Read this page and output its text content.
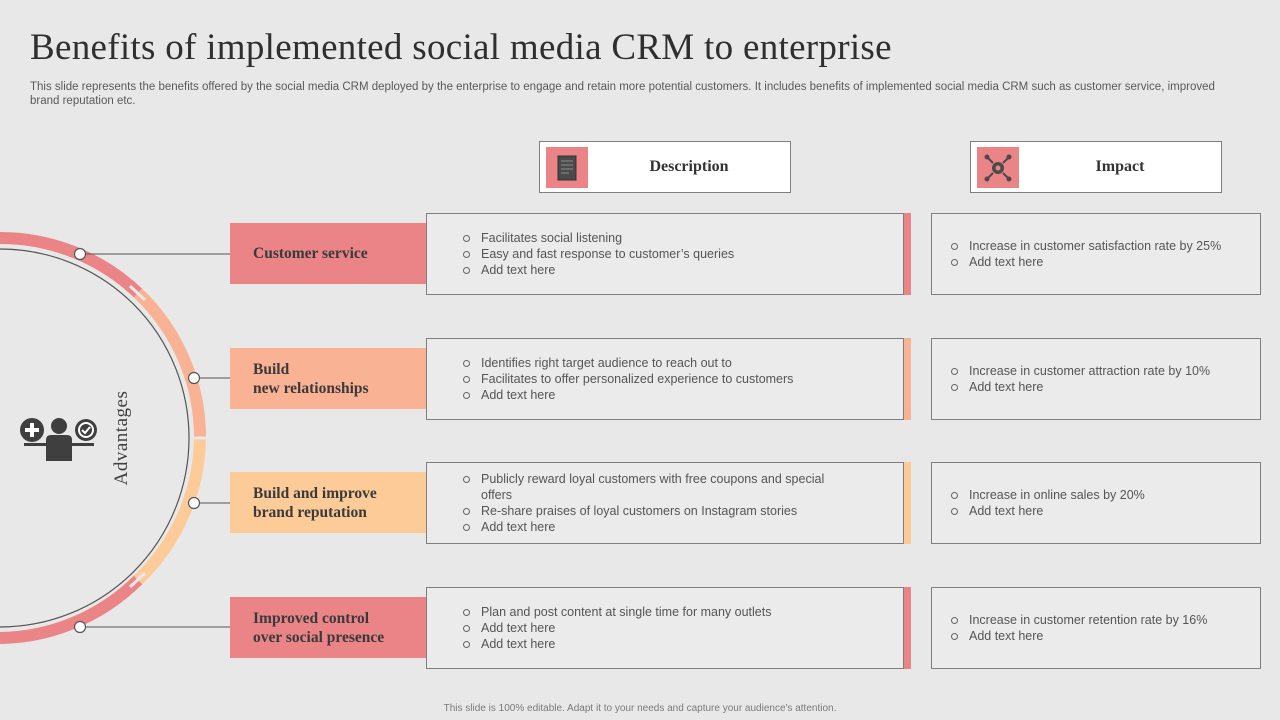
Benefits of implemented social media CRM to enterprise
This slide represents the benefits offered by the social media CRM deployed by the enterprise to engage and retain more potential customers. It includes benefits of implemented social media CRM such as customer service, improved brand reputation etc.
Description	Impact
Advantages
Customer service
Facilitates social listening
Easy and fast response to customer’s queries
Add text here
Increase in customer satisfaction rate by 25%
Add text here
Build
new relationships
Identifies right target audience to reach out to
Facilitates to offer personalized experience to customers
Add text here
Increase in customer attraction rate by 10%
Add text here
Build and improve
brand reputation
Publicly reward loyal customers with free coupons and special offers
Re-share praises of loyal customers on Instagram stories
Add text here
Increase in online sales by 20%
Add text here
Improved control
over social presence
Plan and post content at single time for many outlets
Add text here
Add text here
Increase in customer retention rate by 16%
Add text here
This slide is 100% editable. Adapt it to your needs and capture your audience's attention.
